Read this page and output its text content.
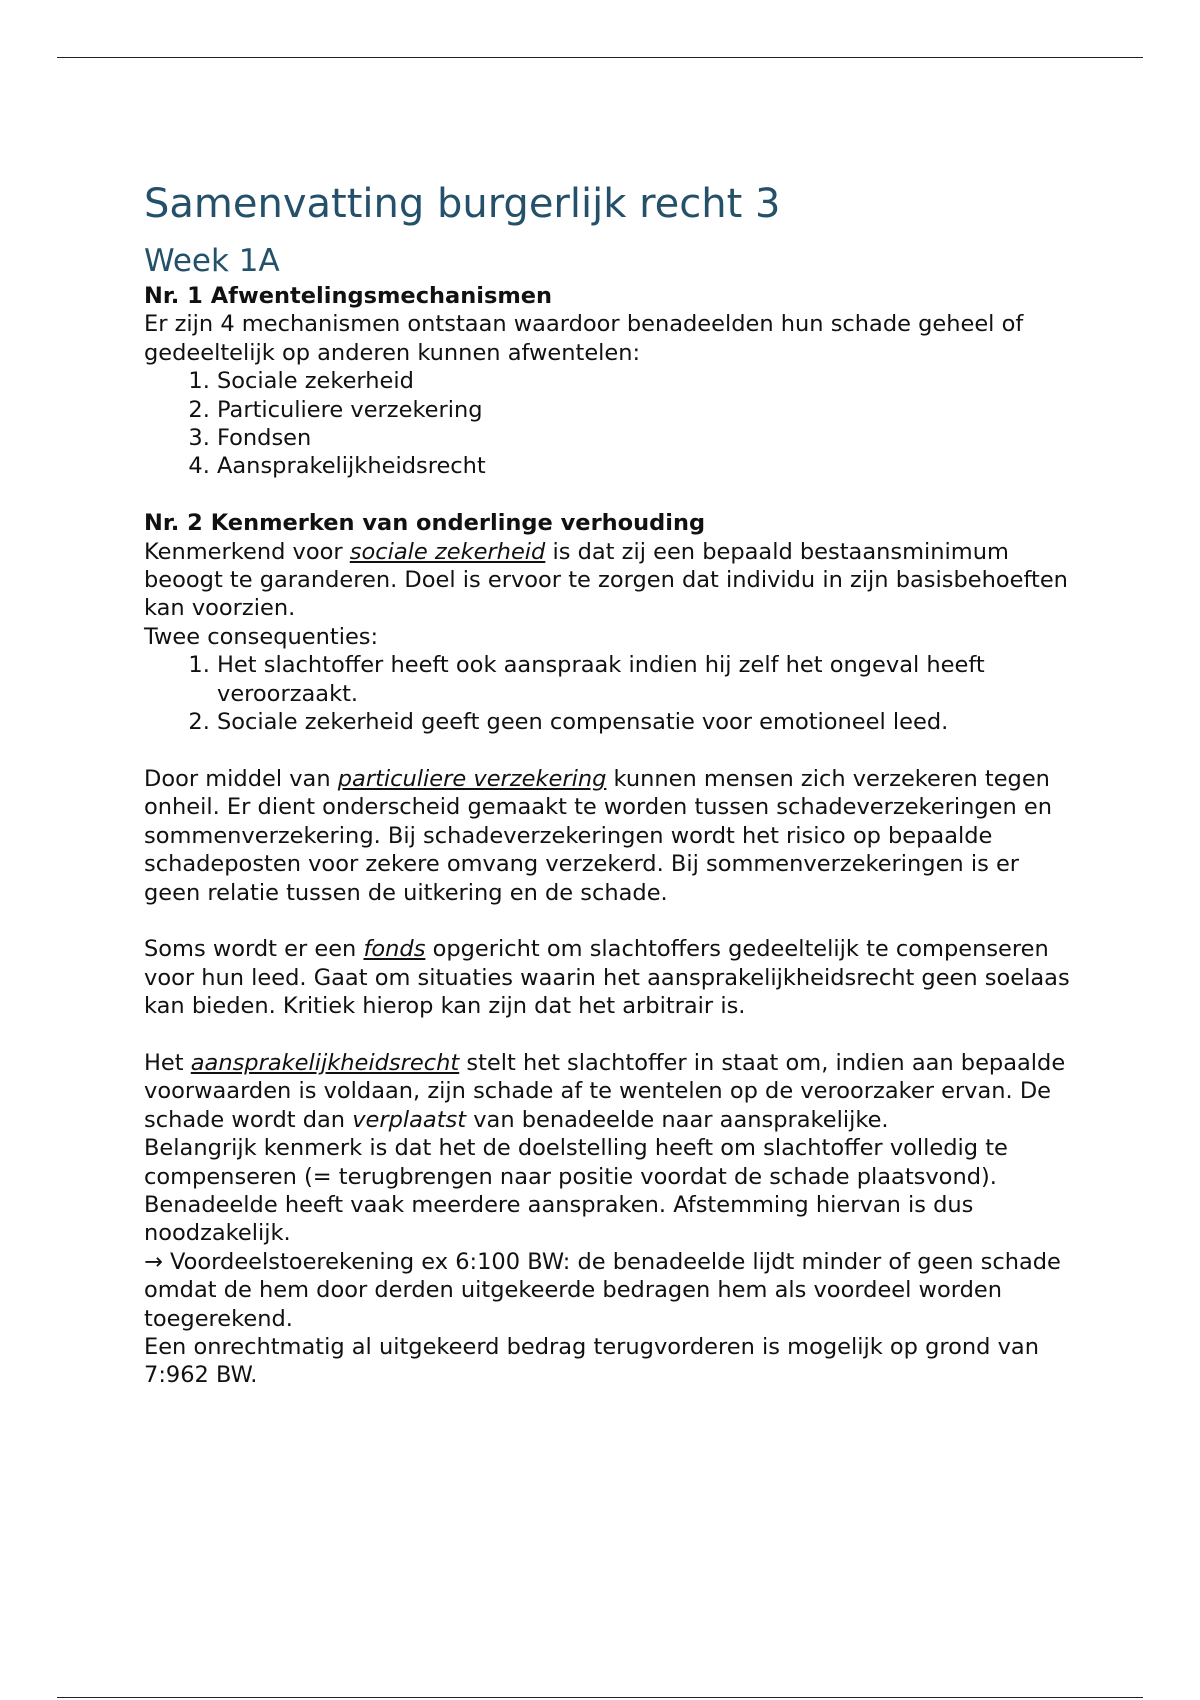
Samenvatting burgerlijk recht 3
Week 1A

Nr. 1 Afwentelingsmechanismen

Er zijn 4 mechanismen ontstaan waardoor benadeelden hun schade geheel of gedeeltelijk op anderen kunnen afwentelen:

1. Sociale zekerheid
2. Particuliere verzekering
3. Fondsen
4. Aansprakelijkheidsrecht

Nr. 2 Kenmerken van onderlinge verhouding

Kenmerkend voor sociale zekerheid is dat zij een bepaald bestaansminimum beoogt te garanderen. Doel is ervoor te zorgen dat individu in zijn basisbehoeften kan voorzien.

Twee consequenties:

1. Het slachtoffer heeft ook aanspraak indien hij zelf het ongeval heeft veroorzaakt.
2. Sociale zekerheid geeft geen compensatie voor emotioneel leed.

Door middel van particuliere verzekering kunnen mensen zich verzekeren tegen onheil. Er dient onderscheid gemaakt te worden tussen schadeverzekeringen en sommenverzekering. Bij schadeverzekeringen wordt het risico op bepaalde schadeposten voor zekere omvang verzekerd. Bij sommenverzekeringen is er geen relatie tussen de uitkering en de schade.

Soms wordt er een fonds opgericht om slachtoffers gedeeltelijk te compenseren voor hun leed. Gaat om situaties waarin het aansprakelijkheidsrecht geen soelaas kan bieden. Kritiek hierop kan zijn dat het arbitrair is.

Het aansprakelijkheidsrecht stelt het slachtoffer in staat om, indien aan bepaalde voorwaarden is voldaan, zijn schade af te wentelen op de veroorzaker ervan. De schade wordt dan verplaatst van benadeelde naar aansprakelijke.

Belangrijk kenmerk is dat het de doelstelling heeft om slachtoffer volledig te compenseren (= terugbrengen naar positie voordat de schade plaatsvond).

Benadeelde heeft vaak meerdere aanspraken. Afstemming hiervan is dus noodzakelijk.

→ Voordeelstoerekening ex 6:100 BW: de benadeelde lijdt minder of geen schade omdat de hem door derden uitgekeerde bedragen hem als voordeel worden toegerekend.

Een onrechtmatig al uitgekeerd bedrag terugvorderen is mogelijk op grond van 7:962 BW.
